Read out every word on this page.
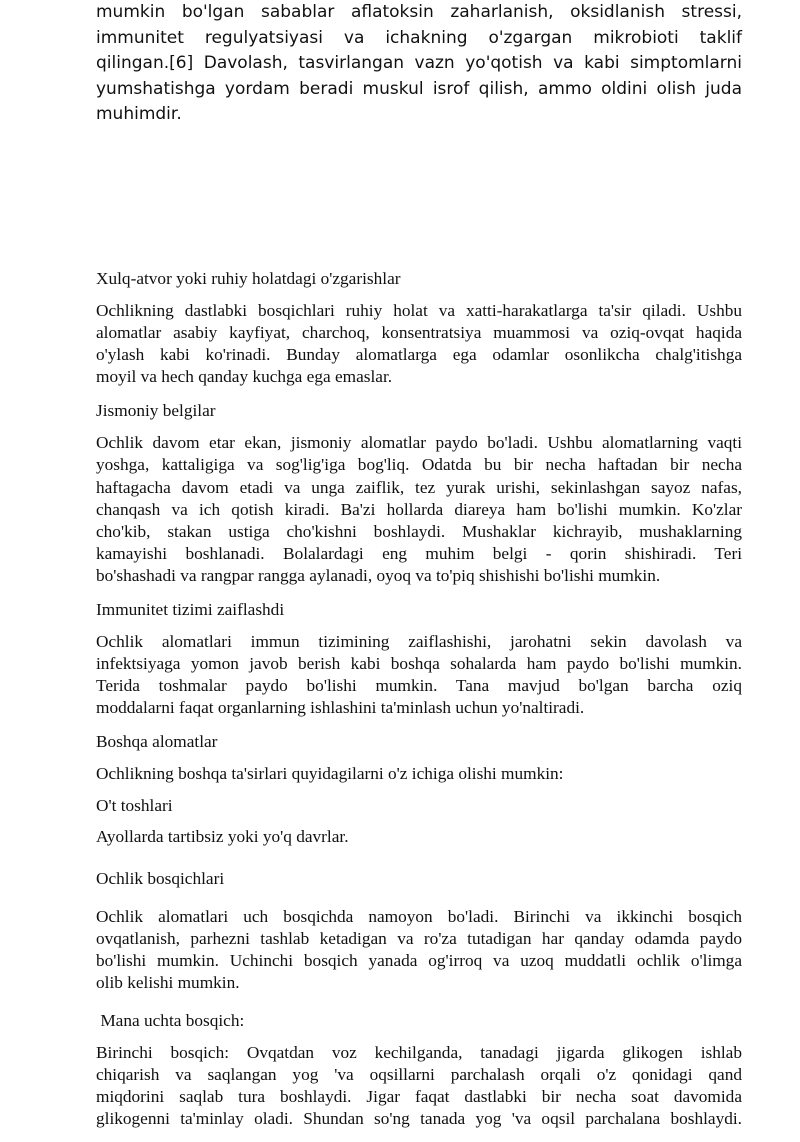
mumkin bo'lgan sabablar aflatoksin zaharlanish, oksidlanish stressi,
immunitet regulyatsiyasi va ichakning o'zgargan mikrobioti taklif
qilingan.[6] Davolash, tasvirlangan vazn yo'qotish va kabi simptomlarni
yumshatishga yordam beradi muskul isrof qilish, ammo oldini olish juda
muhimdir.
Xulq-atvor yoki ruhiy holatdagi o'zgarishlar

Ochlikning dastlabki bosqichlari ruhiy holat va xatti-harakatlarga ta'sir qiladi. Ushbu
alomatlar asabiy kayfiyat, charchoq, konsentratsiya muammosi va oziq-ovqat haqida
o'ylash kabi ko'rinadi. Bunday alomatlarga ega odamlar osonlikcha chalg'itishga
moyil va hech qanday kuchga ega emaslar.

Jismoniy belgilar

Ochlik davom etar ekan, jismoniy alomatlar paydo bo'ladi. Ushbu alomatlarning vaqti
yoshga, kattaligiga va sog'lig'iga bog'liq. Odatda bu bir necha haftadan bir necha
haftagacha davom etadi va unga zaiflik, tez yurak urishi, sekinlashgan sayoz nafas,
chanqash va ich qotish kiradi. Ba'zi hollarda diareya ham bo'lishi mumkin. Ko'zlar
cho'kib, stakan ustiga cho'kishni boshlaydi. Mushaklar kichrayib, mushaklarning
kamayishi boshlanadi. Bolalardagi eng muhim belgi - qorin shishiradi. Teri
bo'shashadi va rangpar rangga aylanadi, oyoq va to'piq shishishi bo'lishi mumkin.

Immunitet tizimi zaiflashdi

Ochlik alomatlari immun tizimining zaiflashishi, jarohatni sekin davolash va
infektsiyaga yomon javob berish kabi boshqa sohalarda ham paydo bo'lishi mumkin.
Terida toshmalar paydo bo'lishi mumkin. Tana mavjud bo'lgan barcha oziq
moddalarni faqat organlarning ishlashini ta'minlash uchun yo'naltiradi.

Boshqa alomatlar

Ochlikning boshqa ta'sirlari quyidagilarni o'z ichiga olishi mumkin:

O't toshlari

Ayollarda tartibsiz yoki yo'q davrlar.

Ochlik bosqichlari

Ochlik alomatlari uch bosqichda namoyon bo'ladi. Birinchi va ikkinchi bosqich
ovqatlanish, parhezni tashlab ketadigan va ro'za tutadigan har qanday odamda paydo
bo'lishi mumkin. Uchinchi bosqich yanada og'irroq va uzoq muddatli ochlik o'limga
olib kelishi mumkin.

Mana uchta bosqich:

Birinchi bosqich: Ovqatdan voz kechilganda, tanadagi jigarda glikogen ishlab
chiqarish va saqlangan yog 'va oqsillarni parchalash orqali o'z qonidagi qand
miqdorini saqlab tura boshlaydi. Jigar faqat dastlabki bir necha soat davomida
glikogenni ta'minlay oladi. Shundan so'ng tanada yog 'va oqsil parchalana boshlaydi.
